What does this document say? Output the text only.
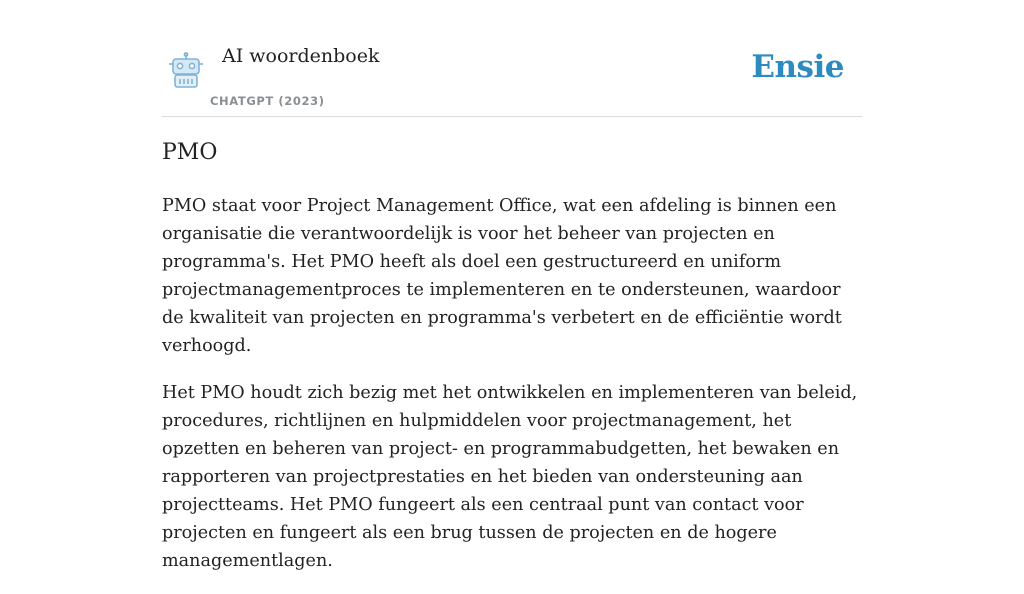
AI woordenboek
CHATGPT (2023)
Ensie
PMO

PMO staat voor Project Management Office, wat een afdeling is binnen een organisatie die verantwoordelijk is voor het beheer van projecten en programma's. Het PMO heeft als doel een gestructureerd en uniform projectmanagementproces te implementeren en te ondersteunen, waardoor de kwaliteit van projecten en programma's verbetert en de efficiëntie wordt verhoogd.

Het PMO houdt zich bezig met het ontwikkelen en implementeren van beleid, procedures, richtlijnen en hulpmiddelen voor projectmanagement, het opzetten en beheren van project- en programmabudgetten, het bewaken en rapporteren van projectprestaties en het bieden van ondersteuning aan projectteams. Het PMO fungeert als een centraal punt van contact voor projecten en fungeert als een brug tussen de projecten en de hogere managementlagen.
